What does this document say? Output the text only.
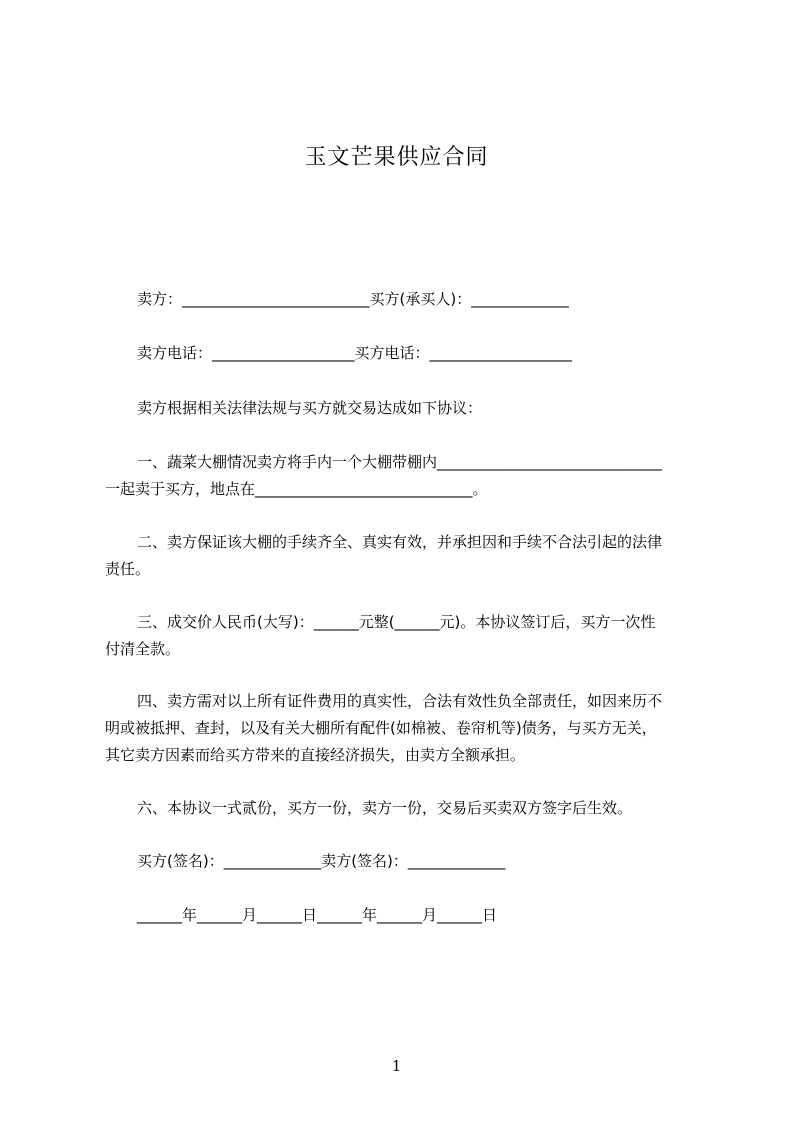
玉文芒果供应合同
卖方：_________________________买方(承买人)：_____________
卖方电话：___________________买方电话：___________________
卖方根据相关法律法规与买方就交易达成如下协议：
一、蔬菜大棚情况卖方将手内一个大棚带棚内______________________________
一起卖于买方，地点在_____________________________。
二、卖方保证该大棚的手续齐全、真实有效，并承担因和手续不合法引起的法律
责任。
三、成交价人民币(大写)：______元整(______元)。本协议签订后，买方一次性
付清全款。
四、卖方需对以上所有证件费用的真实性，合法有效性负全部责任，如因来历不
明或被抵押、查封，以及有关大棚所有配件(如棉被、卷帘机等)债务，与买方无关，
其它卖方因素而给买方带来的直接经济损失，由卖方全额承担。
六、本协议一式贰份，买方一份，卖方一份，交易后买卖双方签字后生效。
买方(签名)：_____________卖方(签名)：_____________
______年______月______日______年______月______日
1
